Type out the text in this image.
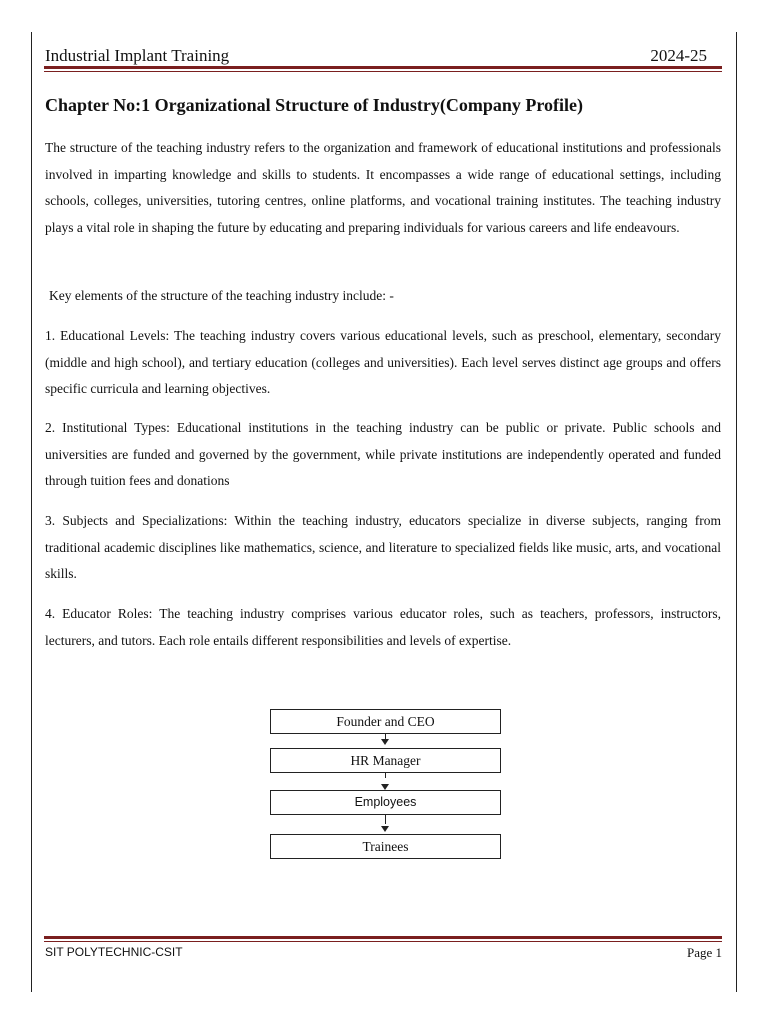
Industrial Implant Training	2024-25
Chapter No:1 Organizational Structure of Industry(Company Profile)

The structure of the teaching industry refers to the organization and framework of educational institutions and professionals involved in imparting knowledge and skills to students. It encompasses a wide range of educational settings, including schools, colleges, universities, tutoring centres, online platforms, and vocational training institutes. The teaching industry plays a vital role in shaping the future by educating and preparing individuals for various careers and life endeavours.

Key elements of the structure of the teaching industry include: -

1. Educational Levels: The teaching industry covers various educational levels, such as preschool, elementary, secondary (middle and high school), and tertiary education (colleges and universities). Each level serves distinct age groups and offers specific curricula and learning objectives.

2. Institutional Types: Educational institutions in the teaching industry can be public or private. Public schools and universities are funded and governed by the government, while private institutions are independently operated and funded through tuition fees and donations

3. Subjects and Specializations: Within the teaching industry, educators specialize in diverse subjects, ranging from traditional academic disciplines like mathematics, science, and literature to specialized fields like music, arts, and vocational skills.

4. Educator Roles: The teaching industry comprises various educator roles, such as teachers, professors, instructors, lecturers, and tutors. Each role entails different responsibilities and levels of expertise.

Founder and CEO
HR Manager
Employees
Trainees
SIT POLYTECHNIC-CSIT	Page 1
